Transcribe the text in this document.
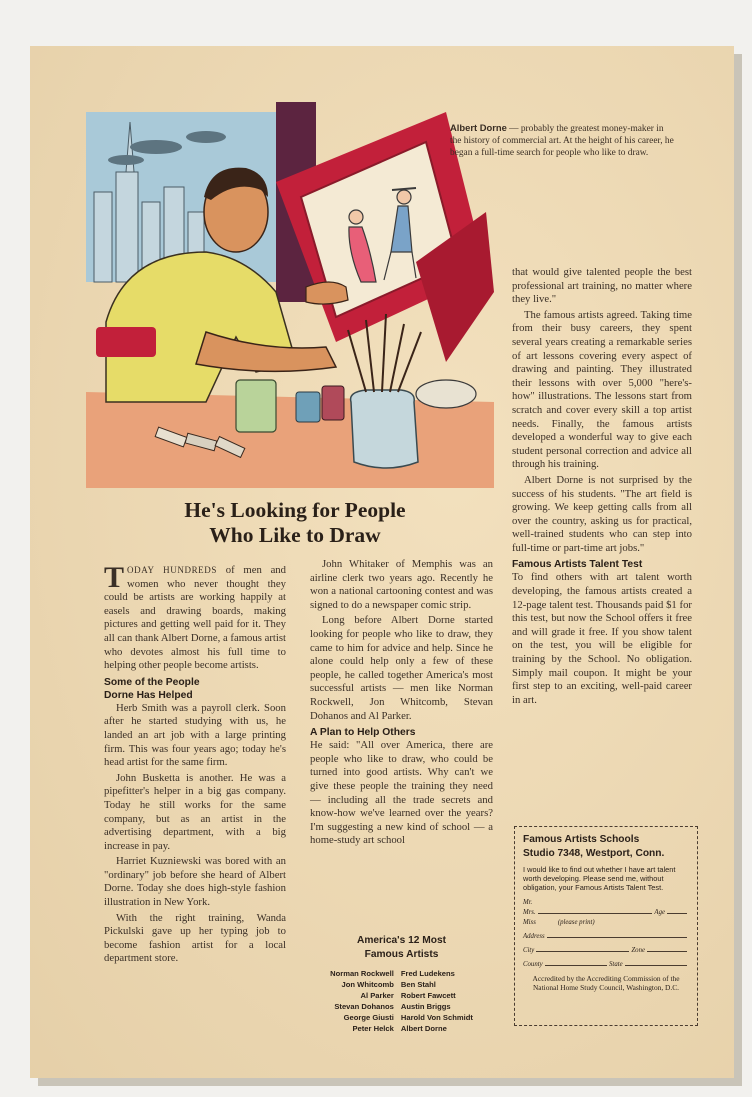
Albert Dorne — probably the greatest money-maker in the history of commercial art. At the height of his career, he began a full-time search for people who like to draw.
He's Looking for People
Who Like to Draw

TODAY HUNDREDS of men and women who never thought they could be artists are working happily at easels and drawing boards, making pictures and getting well paid for it. They all can thank Albert Dorne, a famous artist who devotes almost his full time to helping other people become artists.

Some of the People
Dorne Has Helped

Herb Smith was a payroll clerk. Soon after he started studying with us, he landed an art job with a large printing firm. This was four years ago; today he's head artist for the same firm.

John Busketta is another. He was a pipefitter's helper in a big gas company. Today he still works for the same company, but as an artist in the advertising department, with a big increase in pay.

Harriet Kuzniewski was bored with an "ordinary" job before she heard of Albert Dorne. Today she does high-style fashion illustration in New York.

With the right training, Wanda Pickulski gave up her typing job to become fashion artist for a local department store.

John Whitaker of Memphis was an airline clerk two years ago. Recently he won a national cartooning contest and was signed to do a newspaper comic strip.

Long before Albert Dorne started looking for people who like to draw, they came to him for advice and help. Since he alone could help only a few of these people, he called together America's most successful artists — men like Norman Rockwell, Jon Whitcomb, Stevan Dohanos and Al Parker.

A Plan to Help Others

He said: "All over America, there are people who like to draw, who could be turned into good artists. Why can't we give these people the training they need — including all the trade secrets and know-how we've learned over the years? I'm suggesting a new kind of school — a home-study art school

America's 12 Most
Famous Artists
Norman Rockwell	Fred Ludekens
Jon Whitcomb	Ben Stahl
Al Parker	Robert Fawcett
Stevan Dohanos	Austin Briggs
George Giusti	Harold Von Schmidt
Peter Helck	Albert Dorne

that would give talented people the best professional art training, no matter where they live."

The famous artists agreed. Taking time from their busy careers, they spent several years creating a remarkable series of art lessons covering every aspect of drawing and painting. They illustrated their lessons with over 5,000 "here's-how" illustrations. The lessons start from scratch and cover every skill a top artist needs. Finally, the famous artists developed a wonderful way to give each student personal correction and advice all through his training.

Albert Dorne is not surprised by the success of his students. "The art field is growing. We keep getting calls from all over the country, asking us for practical, well-trained students who can step into full-time or part-time art jobs."

Famous Artists Talent Test

To find others with art talent worth developing, the famous artists created a 12-page talent test. Thousands paid $1 for this test, but now the School offers it free and will grade it free. If you show talent on the test, you will be eligible for training by the School. No obligation. Simply mail coupon. It might be your first step to an exciting, well-paid career in art.

Famous Artists Schools
Studio 7348, Westport, Conn.
I would like to find out whether I have art talent worth developing. Please send me, without obligation, your Famous Artists Talent Test.
Mr.
Mrs.	Age
Miss	(please print)
Address
City	Zone
County	State
Accredited by the Accrediting Commission of the National Home Study Council, Washington, D.C.
